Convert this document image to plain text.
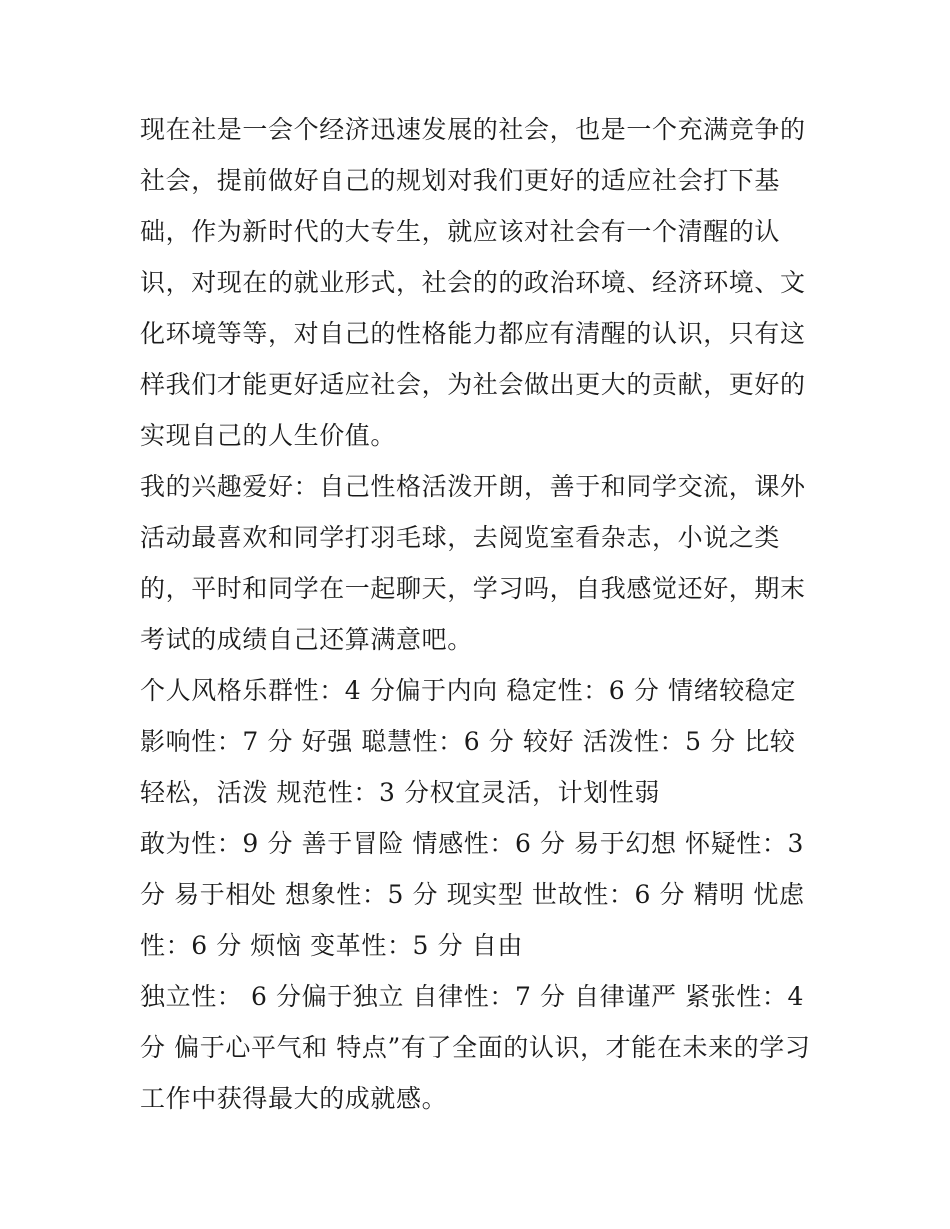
现在社是一会个经济迅速发展的社会，也是一个充满竞争的社会，提前做好自己的规划对我们更好的适应社会打下基础，作为新时代的大专生，就应该对社会有一个清醒的认识，对现在的就业形式，社会的的政治环境、经济环境、文化环境等等，对自己的性格能力都应有清醒的认识，只有这样我们才能更好适应社会，为社会做出更大的贡献，更好的实现自己的人生价值。

我的兴趣爱好：自己性格活泼开朗，善于和同学交流，课外活动最喜欢和同学打羽毛球，去阅览室看杂志，小说之类的，平时和同学在一起聊天，学习吗，自我感觉还好，期末考试的成绩自己还算满意吧。

个人风格乐群性：4 分偏于内向 稳定性：6 分 情绪较稳定 影响性：7 分 好强 聪慧性：6 分 较好 活泼性：5 分 比较轻松，活泼 规范性：3 分权宜灵活，计划性弱

敢为性：9 分 善于冒险 情感性：6 分 易于幻想 怀疑性：3 分 易于相处 想象性：5 分 现实型 世故性：6 分 精明 忧虑性：6 分 烦恼 变革性：5 分 自由

独立性： 6 分偏于独立 自律性：7 分 自律谨严 紧张性：4 分 偏于心平气和 特点”有了全面的认识，才能在未来的学习工作中获得最大的成就感。
